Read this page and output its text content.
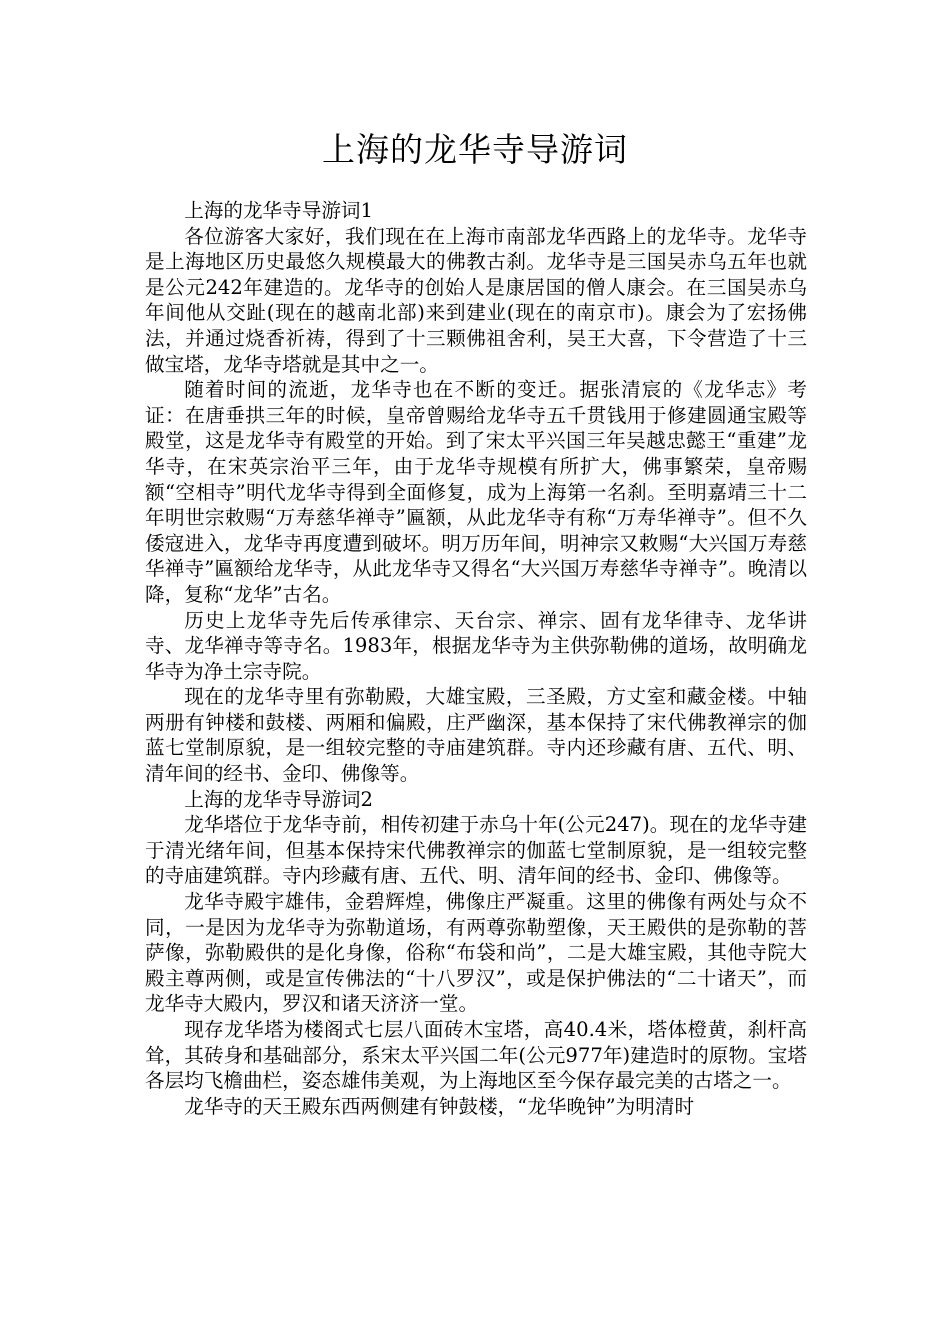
上海的龙华寺导游词

上海的龙华寺导游词1

各位游客大家好，我们现在在上海市南部龙华西路上的龙华寺。龙华寺是上海地区历史最悠久规模最大的佛教古刹。龙华寺是三国吴赤乌五年也就是公元242年建造的。龙华寺的创始人是康居国的僧人康会。在三国吴赤乌年间他从交趾(现在的越南北部)来到建业(现在的南京市)。康会为了宏扬佛法，并通过烧香祈祷，得到了十三颗佛祖舍利，吴王大喜，下令营造了十三做宝塔，龙华寺塔就是其中之一。

随着时间的流逝，龙华寺也在不断的变迁。据张清宸的《龙华志》考证：在唐垂拱三年的时候，皇帝曾赐给龙华寺五千贯钱用于修建圆通宝殿等殿堂，这是龙华寺有殿堂的开始。到了宋太平兴国三年吴越忠懿王“重建”龙华寺，在宋英宗治平三年，由于龙华寺规模有所扩大，佛事繁荣，皇帝赐额“空相寺”明代龙华寺得到全面修复，成为上海第一名刹。至明嘉靖三十二年明世宗敕赐“万寿慈华禅寺”匾额，从此龙华寺有称“万寿华禅寺”。但不久倭寇进入，龙华寺再度遭到破坏。明万历年间，明神宗又敕赐“大兴国万寿慈华禅寺”匾额给龙华寺，从此龙华寺又得名“大兴国万寿慈华寺禅寺”。晚清以降，复称“龙华”古名。

历史上龙华寺先后传承律宗、天台宗、禅宗、固有龙华律寺、龙华讲寺、龙华禅寺等寺名。1983年，根据龙华寺为主供弥勒佛的道场，故明确龙华寺为净土宗寺院。

现在的龙华寺里有弥勒殿，大雄宝殿，三圣殿，方丈室和藏金楼。中轴两册有钟楼和鼓楼、两厢和偏殿，庄严幽深，基本保持了宋代佛教禅宗的伽蓝七堂制原貌，是一组较完整的寺庙建筑群。寺内还珍藏有唐、五代、明、清年间的经书、金印、佛像等。

上海的龙华寺导游词2

龙华塔位于龙华寺前，相传初建于赤乌十年(公元247)。现在的龙华寺建于清光绪年间，但基本保持宋代佛教禅宗的伽蓝七堂制原貌，是一组较完整的寺庙建筑群。寺内珍藏有唐、五代、明、清年间的经书、金印、佛像等。

龙华寺殿宇雄伟，金碧辉煌，佛像庄严凝重。这里的佛像有两处与众不同，一是因为龙华寺为弥勒道场，有两尊弥勒塑像，天王殿供的是弥勒的菩萨像，弥勒殿供的是化身像，俗称“布袋和尚”，二是大雄宝殿，其他寺院大殿主尊两侧，或是宣传佛法的“十八罗汉”，或是保护佛法的“二十诸天”，而龙华寺大殿内，罗汉和诸天济济一堂。

现存龙华塔为楼阁式七层八面砖木宝塔，高40.4米，塔体橙黄，刹杆高耸，其砖身和基础部分，系宋太平兴国二年(公元977年)建造时的原物。宝塔各层均飞檐曲栏，姿态雄伟美观，为上海地区至今保存最完美的古塔之一。

龙华寺的天王殿东西两侧建有钟鼓楼，“龙华晚钟”为明清时
